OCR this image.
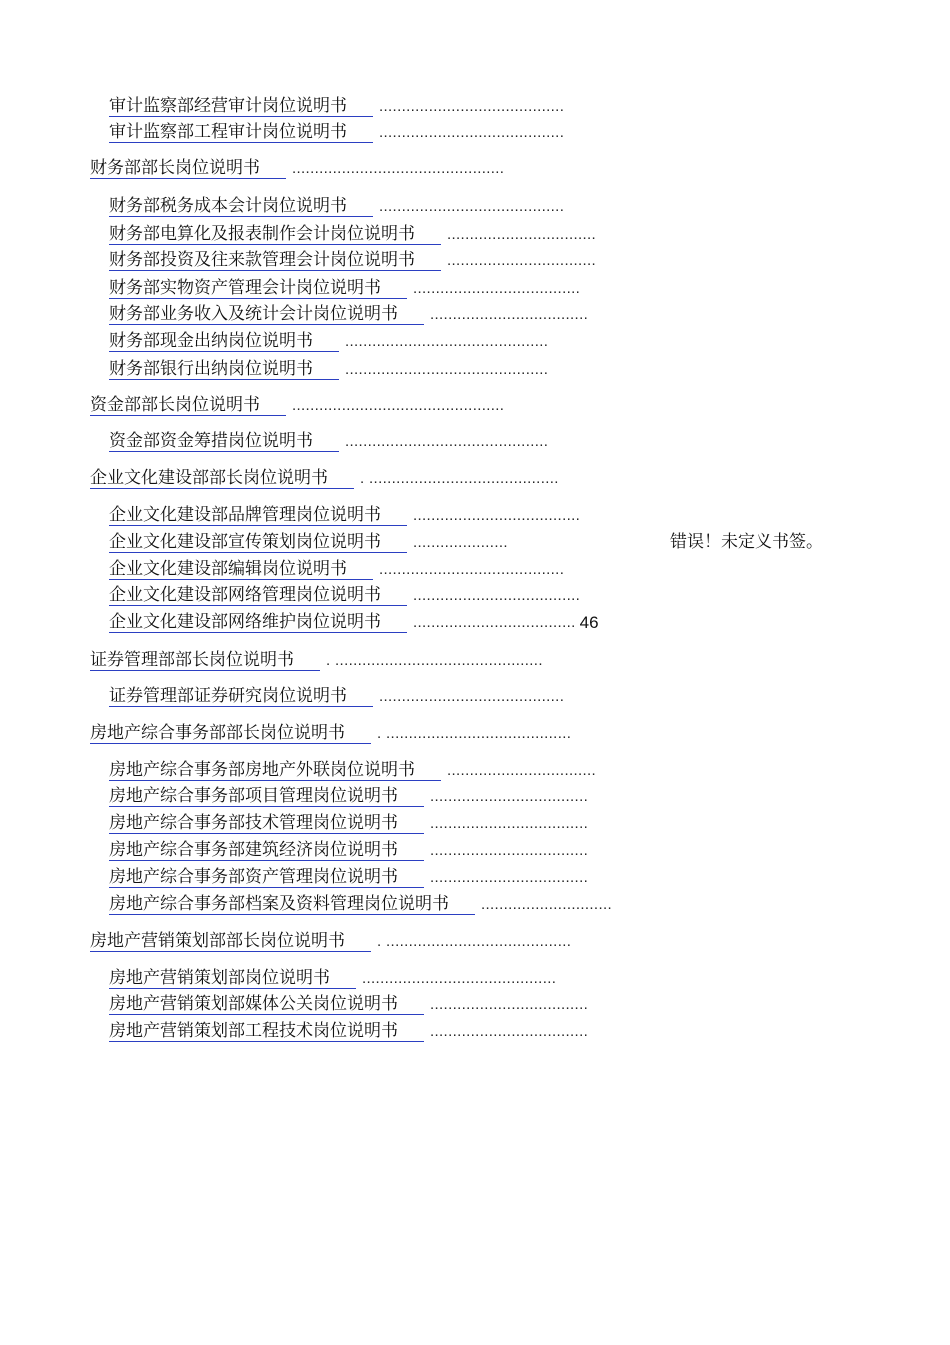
审计监察部经营审计岗位说明书 .........................................
审计监察部工程审计岗位说明书 .........................................
财务部部长岗位说明书 ...............................................
财务部税务成本会计岗位说明书 .........................................
财务部电算化及报表制作会计岗位说明书 .................................
财务部投资及往来款管理会计岗位说明书 .................................
财务部实物资产管理会计岗位说明书 .....................................
财务部业务收入及统计会计岗位说明书 ...................................
财务部现金出纳岗位说明书 .............................................
财务部银行出纳岗位说明书 .............................................
资金部部长岗位说明书 ...............................................
资金部资金筹措岗位说明书 .............................................
企业文化建设部部长岗位说明书 . ..........................................
企业文化建设部品牌管理岗位说明书 .....................................
企业文化建设部宣传策划岗位说明书 .....................
企业文化建设部编辑岗位说明书 .........................................
企业文化建设部网络管理岗位说明书 .....................................
企业文化建设部网络维护岗位说明书 .................................... 46
证券管理部部长岗位说明书 . ..............................................
证券管理部证券研究岗位说明书 .........................................
房地产综合事务部部长岗位说明书 . .........................................
房地产综合事务部房地产外联岗位说明书 .................................
房地产综合事务部项目管理岗位说明书 ...................................
房地产综合事务部技术管理岗位说明书 ...................................
房地产综合事务部建筑经济岗位说明书 ...................................
房地产综合事务部资产管理岗位说明书 ...................................
房地产综合事务部档案及资料管理岗位说明书 .............................
房地产营销策划部部长岗位说明书 . .........................................
房地产营销策划部岗位说明书 ...........................................
房地产营销策划部媒体公关岗位说明书 ...................................
房地产营销策划部工程技术岗位说明书 ...................................
错误！未定义书签。
